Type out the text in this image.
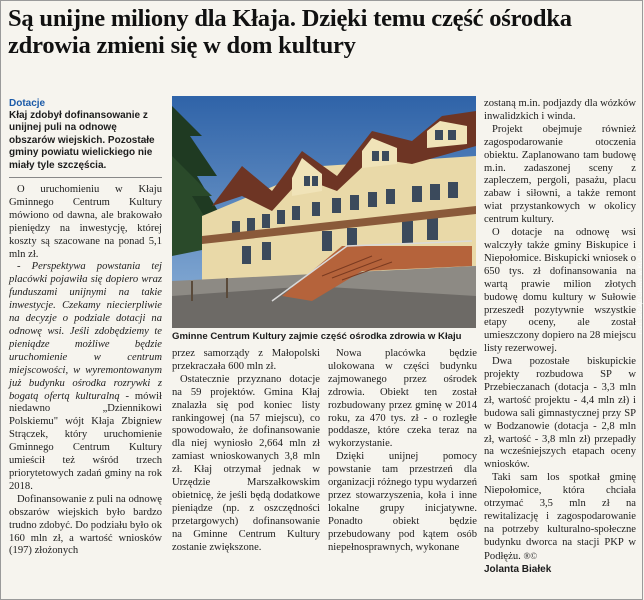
Są unijne miliony dla Kłaja. Dzięki temu część ośrodka zdrowia zmieni się w dom kultury
Dotacje
Kłaj zdobył dofinansowanie z unijnej puli na odnowę obszarów wiejskich. Pozostałe gminy powiatu wielickiego nie miały tyle szczęścia.

O uruchomieniu w Kłaju Gminnego Centrum Kultury mówiono od dawna, ale brakowało pieniędzy na inwestycję, której koszty są szacowane na ponad 5,1 mln zł.

- Perspektywa powstania tej placówki pojawiła się dopiero wraz funduszami unijnymi na takie inwestycje. Czekamy niecierpliwie na decyzje o podziale dotacji na odnowę wsi. Jeśli zdobędziemy te pieniądze możliwe będzie uruchomienie w centrum miejscowości, w wyremontowanym już budynku ośrodka rozrywki z bogatą ofertą kulturalną - mówił niedawno „Dziennikowi Polskiemu" wójt Kłaja Zbigniew Strączek, który uruchomienie Gminnego Centrum Kultury umieścił też wśród trzech priorytetowych zadań gminy na rok 2018.

Dofinansowanie z puli na odnowę obszarów wiejskich było bardzo trudno zdobyć. Do podziału było ok 160 mln zł, a wartość wniosków (197) złożonych

FOT. URZĄD GMINY W KŁAJU
Gminne Centrum Kultury zajmie część ośrodka zdrowia w Kłaju

przez samorządy z Małopolski przekraczała 600 mln zł.

Ostatecznie przyznano dotacje na 59 projektów. Gmina Kłaj znalazła się pod koniec listy rankingowej (na 57 miejscu), co spowodowało, że dofinansowanie dla niej wyniosło 2,664 mln zł zamiast wnioskowanych 3,8 mln zł. Kłaj otrzymał jednak w Urzędzie Marszałkowskim obietnicę, że jeśli będą dodatkowe pieniądze (np. z oszczędności przetargowych) dofinansowanie na Gminne Centrum Kultury zostanie zwiększone.

Nowa placówka będzie ulokowana w części budynku zajmowanego przez ośrodek zdrowia. Obiekt ten został rozbudowany przez gminę w 2014 roku, za 470 tys. zł - o rozległe poddasze, które czeka teraz na wykorzystanie.

Dzięki unijnej pomocy powstanie tam przestrzeń dla organizacji różnego typu wydarzeń przez stowarzyszenia, koła i inne lokalne grupy inicjatywne. Ponadto obiekt będzie przebudowany pod kątem osób niepełnosprawnych, wykonane

zostaną m.in. podjazdy dla wózków inwalidzkich i winda.

Projekt obejmuje również zagospodarowanie otoczenia obiektu. Zaplanowano tam budowę m.in. zadaszonej sceny z zapleczem, pergoli, pasażu, placu zabaw i siłowni, a także remont wiat przystankowych w okolicy centrum kultury.

O dotacje na odnowę wsi walczyły także gminy Biskupice i Niepołomice. Biskupicki wniosek o 650 tys. zł dofinansowania na wartą prawie milion złotych budowę domu kultury w Sułowie przeszedł pozytywnie wszystkie etapy oceny, ale został umieszczony dopiero na 28 miejscu listy rezerwowej.

Dwa pozostałe biskupickie projekty rozbudowa SP w Przebieczanach (dotacja - 3,3 mln zł, wartość projektu - 4,4 mln zł) i budowa sali gimnastycznej przy SP w Bodzanowie (dotacja - 2,8 mln zł, wartość - 3,8 mln zł) przepadły na wcześniejszych etapach oceny wniosków.

Taki sam los spotkał gminę Niepołomice, która chciała otrzymać 3,5 mln zł na rewitalizację i zagospodarowanie na potrzeby kulturalno-społeczne budynku dworca na stacji PKP w Podłężu. ®©

Jolanta Białek
